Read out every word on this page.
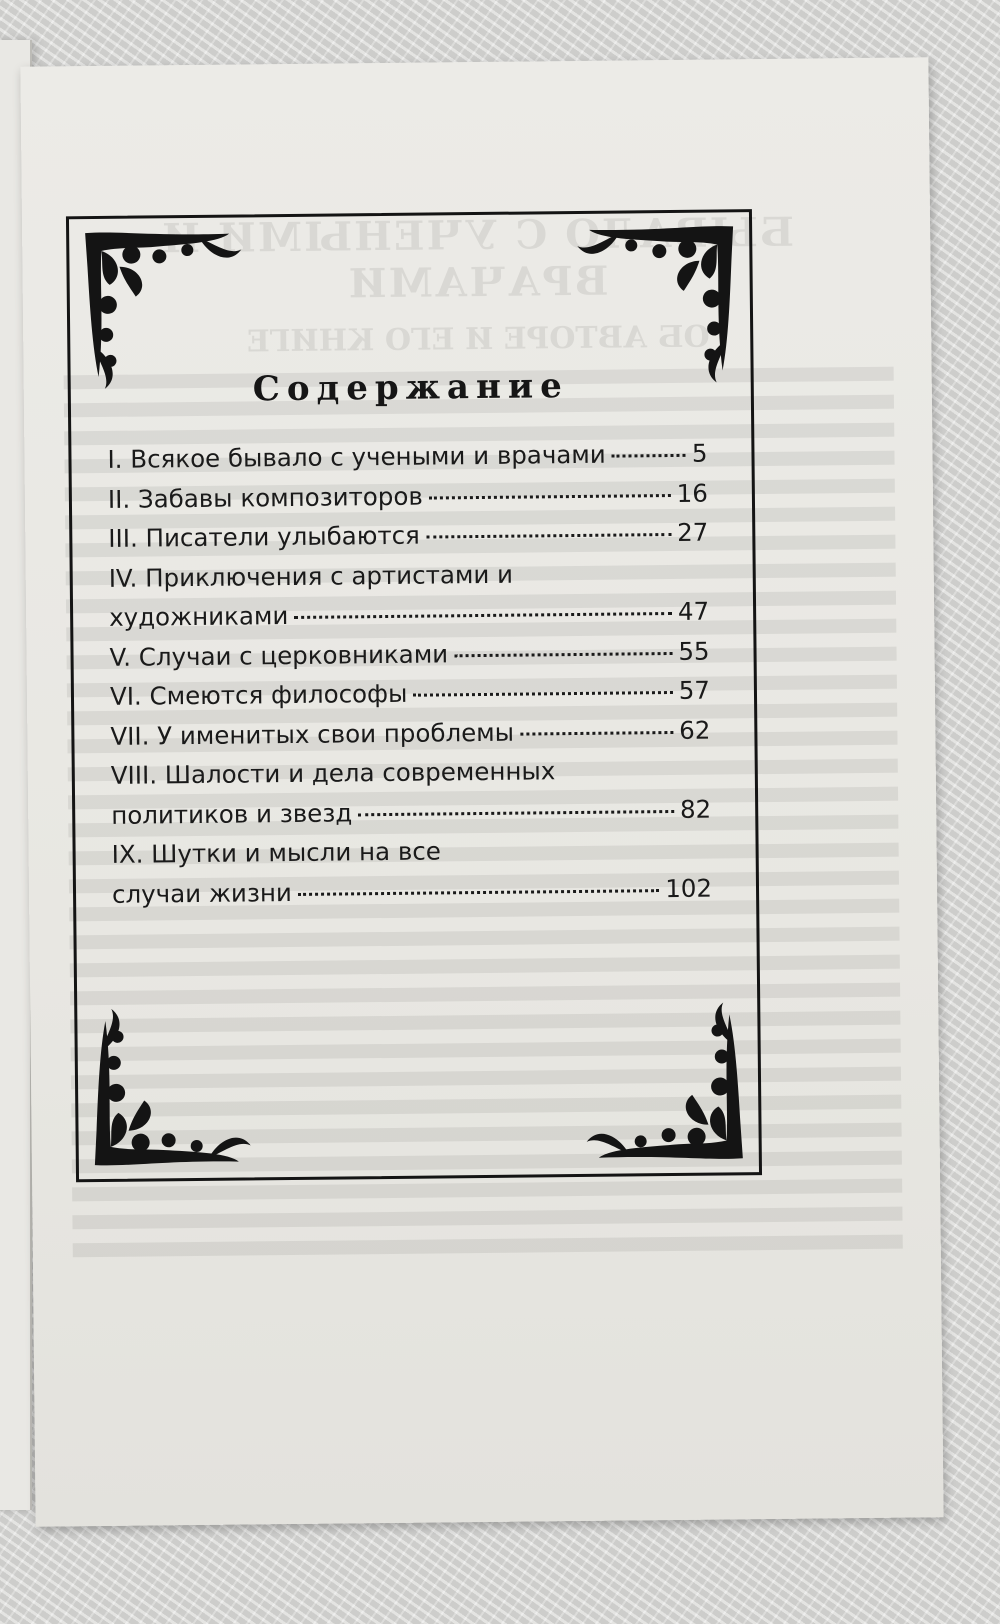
БЫВАЛО С УЧЕНЫМИ И ВРАЧАМИ
ОБ АВТОРЕ И ЕГО КНИГЕ
Содержание
I. Всякое бывало с учеными и врачами	5
II. Забавы композиторов	16
III. Писатели улыбаются	27
IV. Приключения с артистами и
художниками	47
V. Случаи с церковниками	55
VI. Смеются философы	57
VII. У именитых свои проблемы	62
VIII. Шалости и дела современных
политиков и звезд	82
IX. Шутки и мысли на все
случаи жизни	102
